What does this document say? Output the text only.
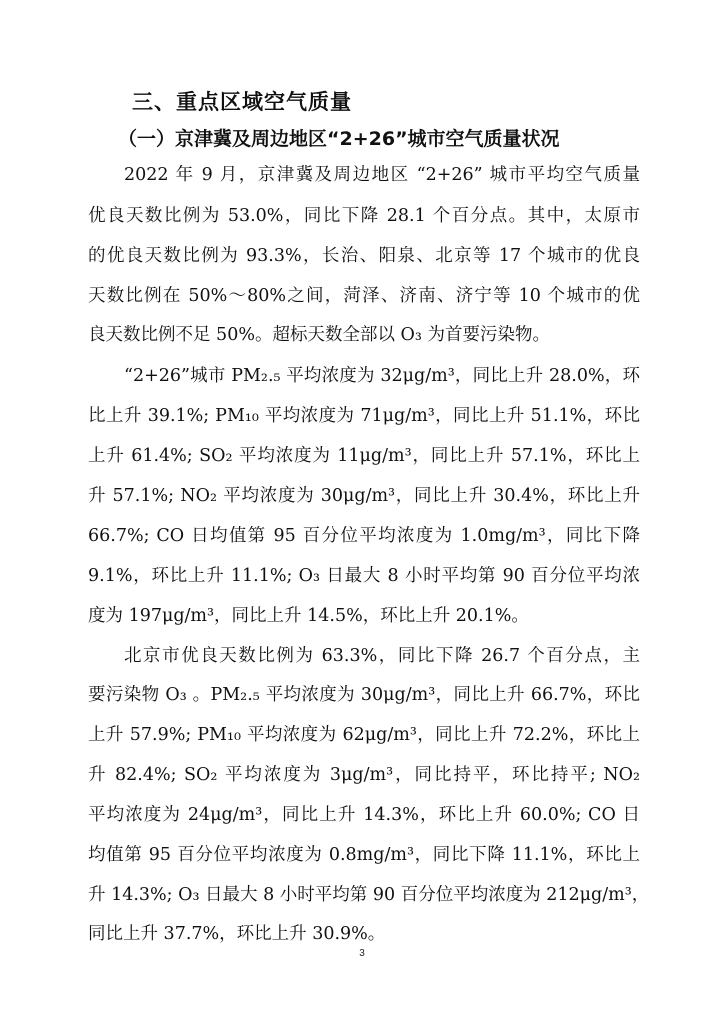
三、重点区域空气质量
（一）京津冀及周边地区“2+26”城市空气质量状况
2022 年 9 月，京津冀及周边地区 “2+26” 城市平均空气质量
优良天数比例为 53.0%，同比下降 28.1 个百分点。其中，太原市
的优良天数比例为 93.3%，长治、阳泉、北京等 17 个城市的优良
天数比例在 50%～80%之间，菏泽、济南、济宁等 10 个城市的优
良天数比例不足 50%。超标天数全部以 O₃ 为首要污染物。
“2+26”城市 PM₂.₅ 平均浓度为 32μg/m³，同比上升 28.0%，环
比上升 39.1%; PM₁₀ 平均浓度为 71μg/m³，同比上升 51.1%，环比
上升 61.4%; SO₂ 平均浓度为 11μg/m³，同比上升 57.1%，环比上
升 57.1%; NO₂ 平均浓度为 30μg/m³，同比上升 30.4%，环比上升
66.7%; CO 日均值第 95 百分位平均浓度为 1.0mg/m³，同比下降
9.1%，环比上升 11.1%; O₃ 日最大 8 小时平均第 90 百分位平均浓
度为 197μg/m³，同比上升 14.5%，环比上升 20.1%。
北京市优良天数比例为 63.3%，同比下降 26.7 个百分点，主
要污染物 O₃ 。PM₂.₅ 平均浓度为 30μg/m³，同比上升 66.7%，环比
上升 57.9%; PM₁₀ 平均浓度为 62μg/m³，同比上升 72.2%，环比上
升 82.4%; SO₂ 平均浓度为 3μg/m³，同比持平，环比持平; NO₂
平均浓度为 24μg/m³，同比上升 14.3%，环比上升 60.0%; CO 日
均值第 95 百分位平均浓度为 0.8mg/m³，同比下降 11.1%，环比上
升 14.3%; O₃ 日最大 8 小时平均第 90 百分位平均浓度为 212μg/m³，
同比上升 37.7%，环比上升 30.9%。
3
